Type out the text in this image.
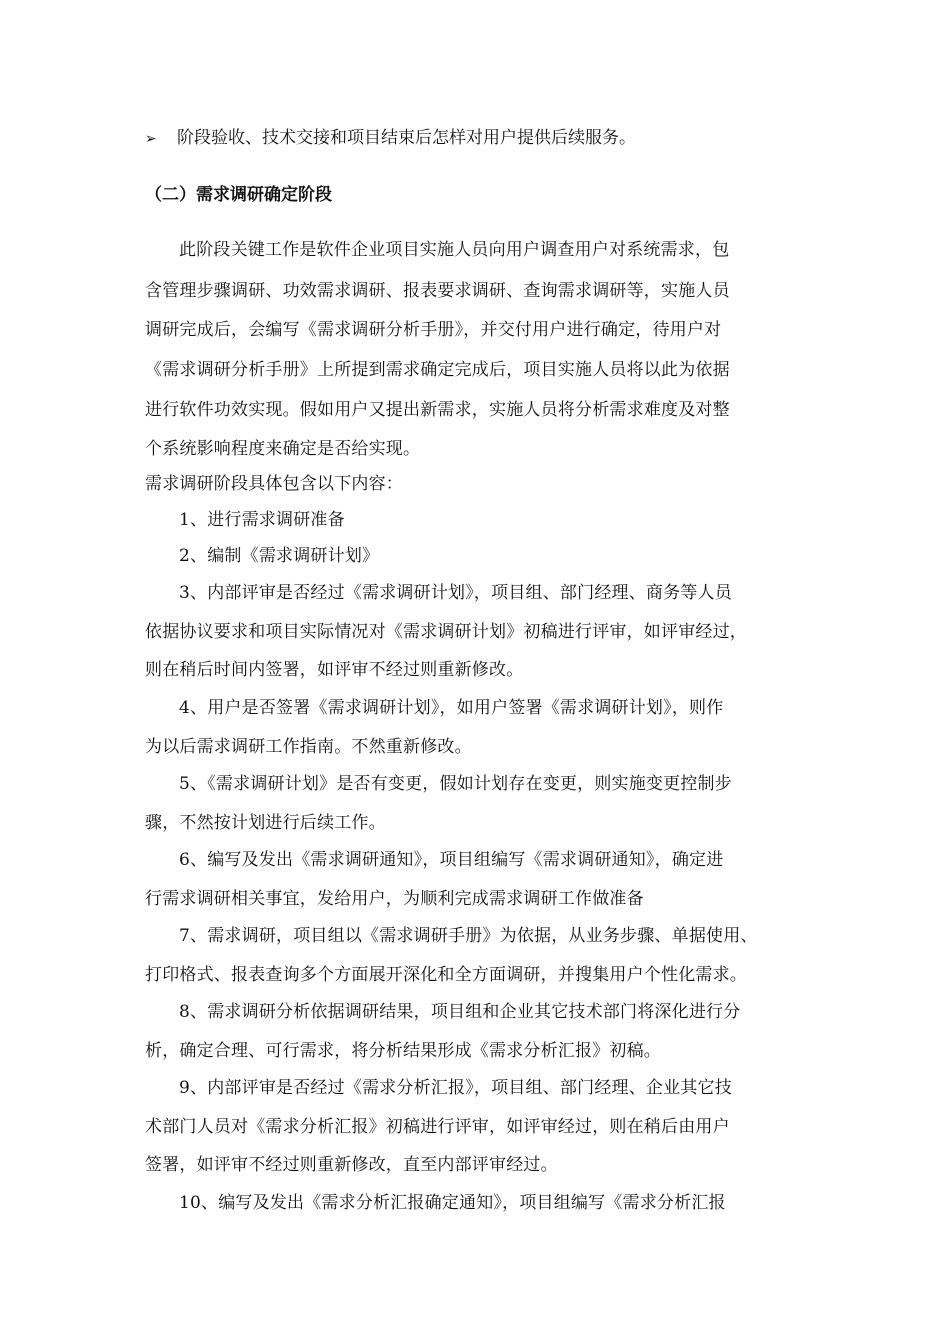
➢ 阶段验收、技术交接和项目结束后怎样对用户提供后续服务。
（二）需求调研确定阶段
此阶段关键工作是软件企业项目实施人员向用户调查用户对系统需求，包
含管理步骤调研、功效需求调研、报表要求调研、查询需求调研等，实施人员
调研完成后，会编写《需求调研分析手册》，并交付用户进行确定，待用户对
《需求调研分析手册》上所提到需求确定完成后，项目实施人员将以此为依据
进行软件功效实现。假如用户又提出新需求，实施人员将分析需求难度及对整
个系统影响程度来确定是否给实现。
需求调研阶段具体包含以下内容：
1、进行需求调研准备
2、编制《需求调研计划》
3、内部评审是否经过《需求调研计划》，项目组、部门经理、商务等人员
依据协议要求和项目实际情况对《需求调研计划》初稿进行评审，如评审经过，
则在稍后时间内签署，如评审不经过则重新修改。
4、用户是否签署《需求调研计划》，如用户签署《需求调研计划》，则作
为以后需求调研工作指南。不然重新修改。
5、《需求调研计划》是否有变更，假如计划存在变更，则实施变更控制步
骤，不然按计划进行后续工作。
6、编写及发出《需求调研通知》，项目组编写《需求调研通知》，确定进
行需求调研相关事宜，发给用户，为顺利完成需求调研工作做准备
7、需求调研，项目组以《需求调研手册》为依据，从业务步骤、单据使用、
打印格式、报表查询多个方面展开深化和全方面调研，并搜集用户个性化需求。
8、需求调研分析依据调研结果，项目组和企业其它技术部门将深化进行分
析，确定合理、可行需求，将分析结果形成《需求分析汇报》初稿。
9、内部评审是否经过《需求分析汇报》，项目组、部门经理、企业其它技
术部门人员对《需求分析汇报》初稿进行评审，如评审经过，则在稍后由用户
签署，如评审不经过则重新修改，直至内部评审经过。
10、编写及发出《需求分析汇报确定通知》，项目组编写《需求分析汇报
